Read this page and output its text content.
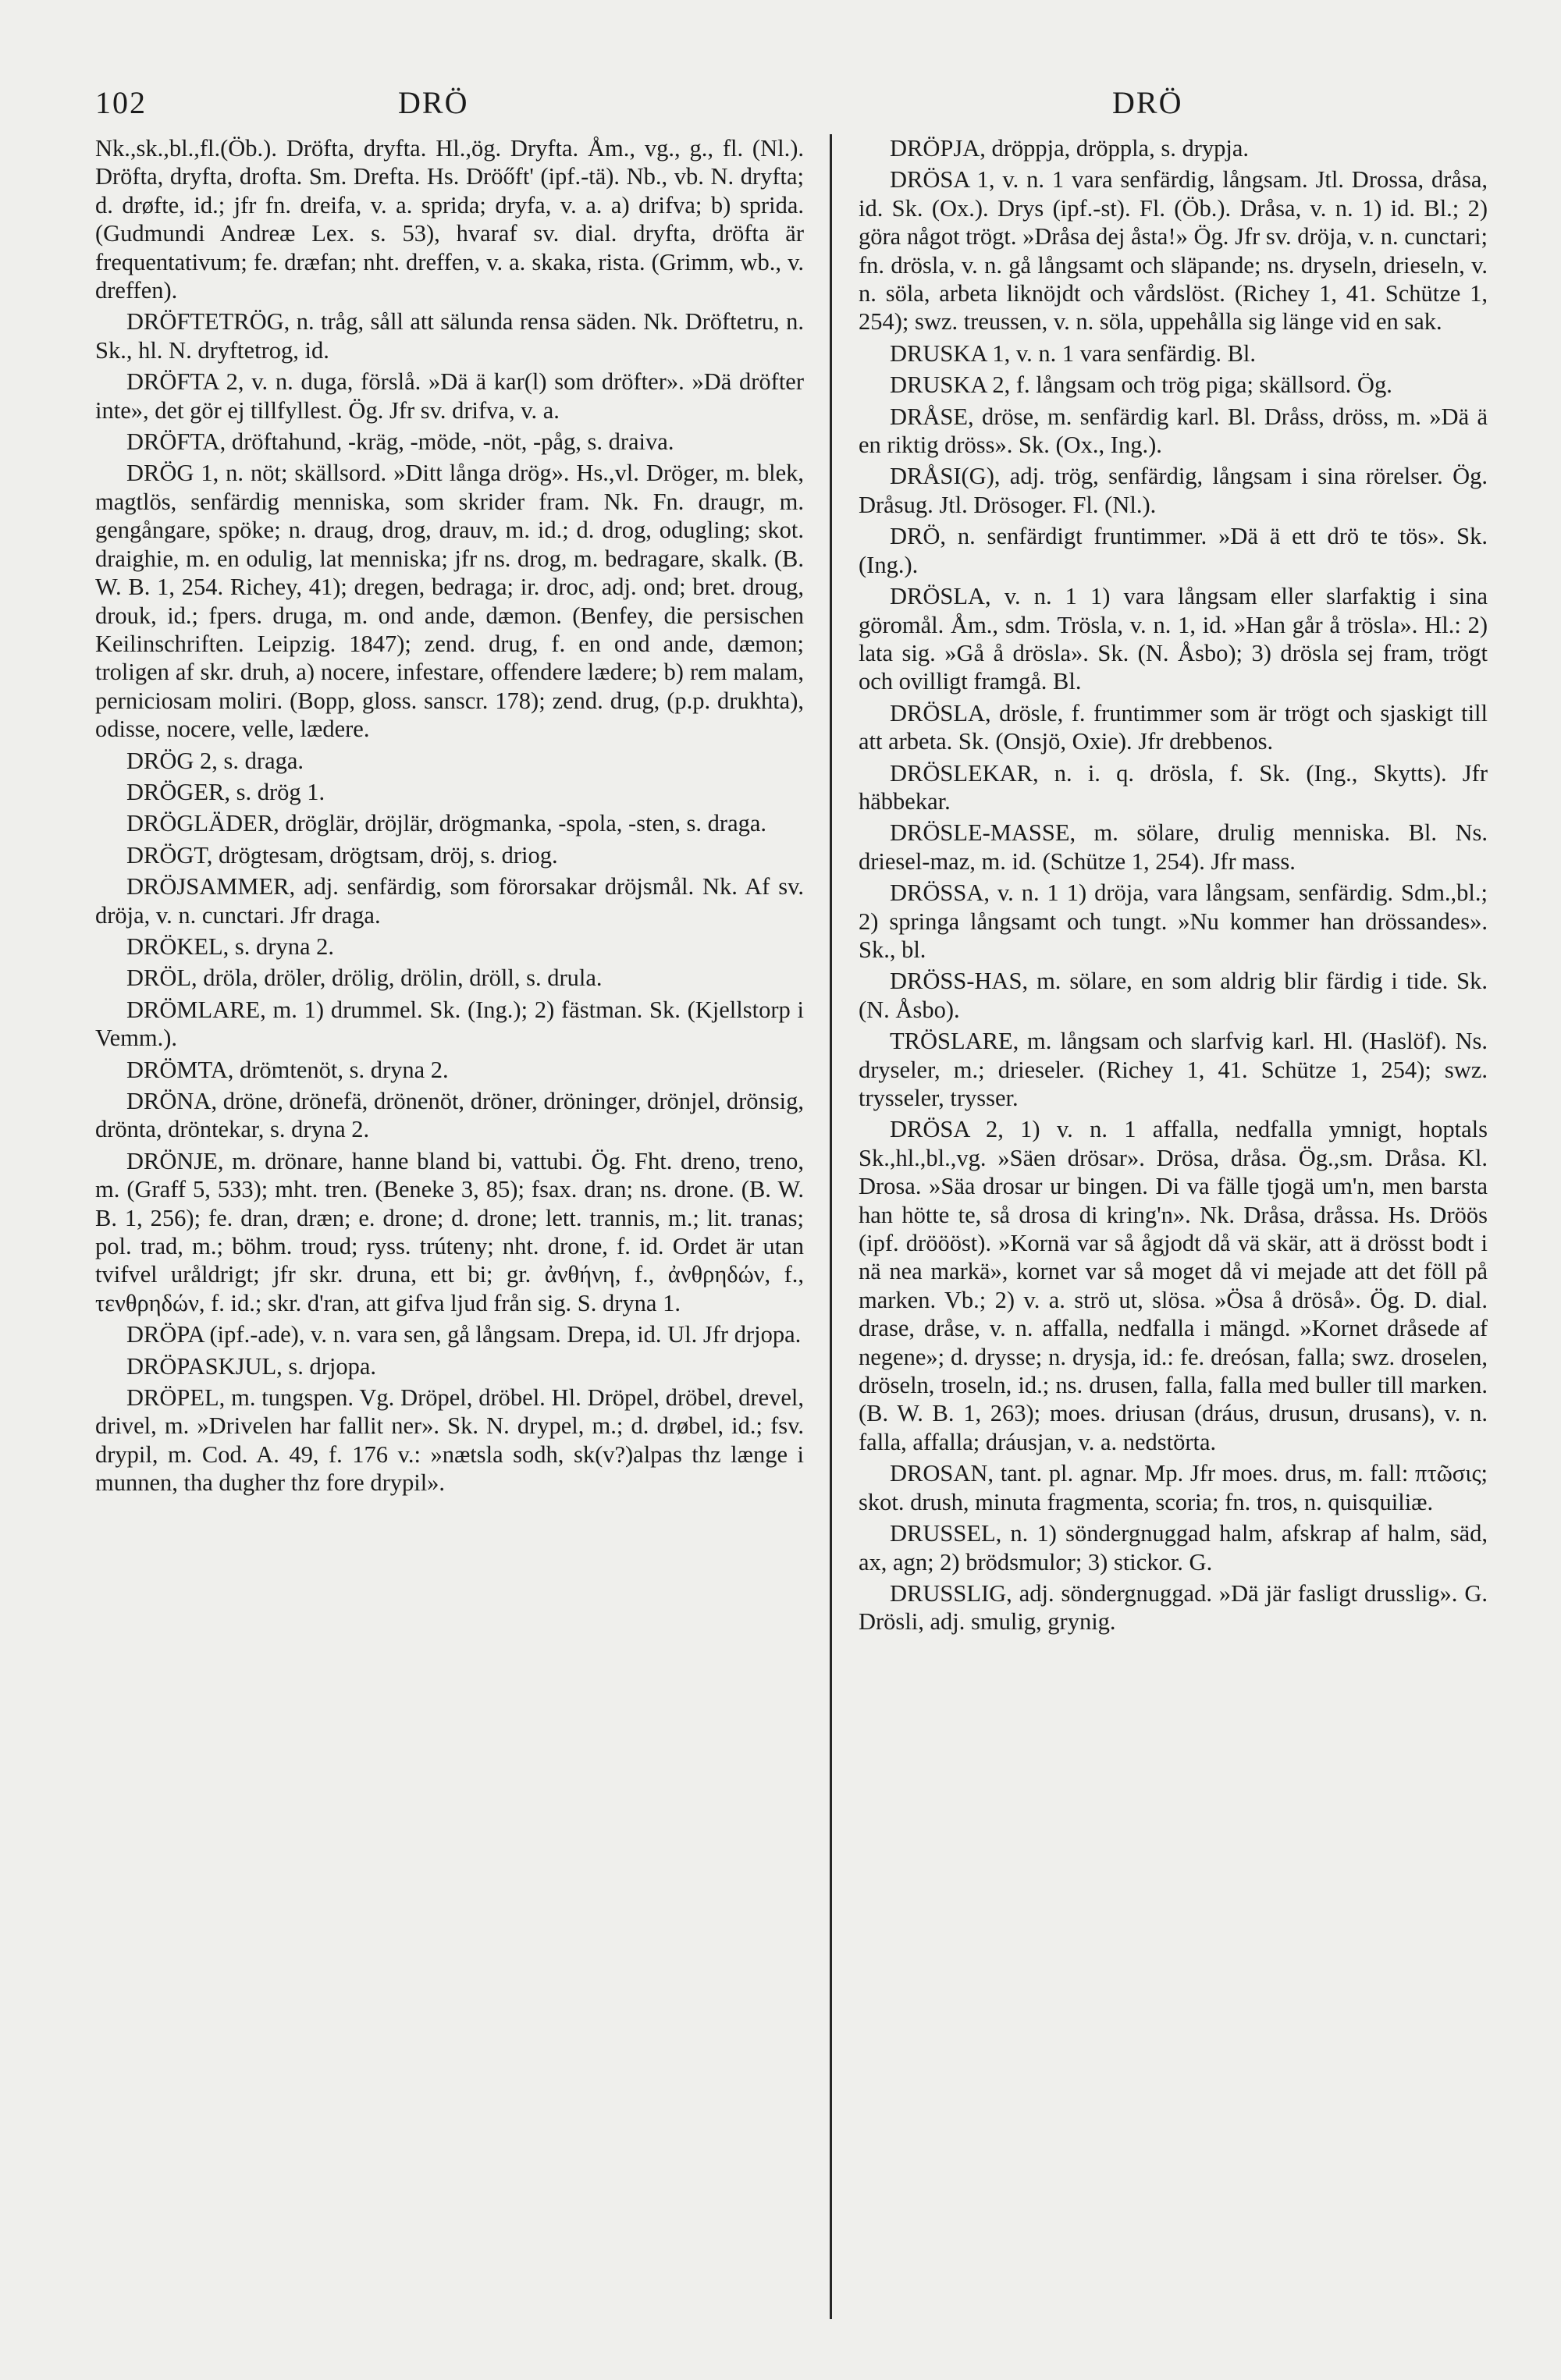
102	DRÖ	DRÖ

Nk.,sk.,bl.,fl.(Öb.). Dröfta, dryfta. Hl.,ög. Dryfta. Åm., vg., g., fl. (Nl.). Dröfta, dryfta, drofta. Sm. Drefta. Hs. Dröőft' (ipf.-tä). Nb., vb. N. dryfta; d. drøfte, id.; jfr fn. dreifa, v. a. sprida; dryfa, v. a. a) drifva; b) sprida. (Gudmundi Andreæ Lex. s. 53), hvaraf sv. dial. dryfta, dröfta är frequentativum; fe. dræfan; nht. dreffen, v. a. skaka, rista. (Grimm, wb., v. dreffen).

DRÖFTETRÖG, n. tråg, såll att sälunda rensa säden. Nk. Dröftetru, n. Sk., hl. N. dryftetrog, id.

DRÖFTA 2, v. n. duga, förslå. »Dä ä kar(l) som dröfter». »Dä dröfter inte», det gör ej tillfyllest. Ög. Jfr sv. drifva, v. a.

DRÖFTA, dröftahund, -kräg, -möde, -nöt, -påg, s. draiva.

DRÖG 1, n. nöt; skällsord. »Ditt långa drög». Hs.,vl. Dröger, m. blek, magtlös, senfärdig menniska, som skrider fram. Nk. Fn. draugr, m. gengångare, spöke; n. draug, drog, drauv, m. id.; d. drog, odugling; skot. draighie, m. en odulig, lat menniska; jfr ns. drog, m. bedragare, skalk. (B. W. B. 1, 254. Richey, 41); dregen, bedraga; ir. droc, adj. ond; bret. droug, drouk, id.; fpers. druga, m. ond ande, dæmon. (Benfey, die persischen Keilinschriften. Leipzig. 1847); zend. drug, f. en ond ande, dæmon; troligen af skr. druh, a) nocere, infestare, offendere lædere; b) rem malam, perniciosam moliri. (Bopp, gloss. sanscr. 178); zend. drug, (p.p. drukhta), odisse, nocere, velle, lædere.

DRÖG 2, s. draga.

DRÖGER, s. drög 1.

DRÖGLÄDER, dröglär, dröjlär, drögmanka, -spola, -sten, s. draga.

DRÖGT, drögtesam, drögtsam, dröj, s. driog.

DRÖJSAMMER, adj. senfärdig, som förorsakar dröjsmål. Nk. Af sv. dröja, v. n. cunctari. Jfr draga.

DRÖKEL, s. dryna 2.

DRÖL, dröla, dröler, drölig, drölin, dröll, s. drula.

DRÖMLARE, m. 1) drummel. Sk. (Ing.); 2) fästman. Sk. (Kjellstorp i Vemm.).

DRÖMTA, drömtenöt, s. dryna 2.

DRÖNA, dröne, drönefä, drönenöt, dröner, dröninger, drönjel, drönsig, drönta, dröntekar, s. dryna 2.

DRÖNJE, m. drönare, hanne bland bi, vattubi. Ög. Fht. dreno, treno, m. (Graff 5, 533); mht. tren. (Beneke 3, 85); fsax. dran; ns. drone. (B. W. B. 1, 256); fe. dran, dræn; e. drone; d. drone; lett. trannis, m.; lit. tranas; pol. trad, m.; böhm. troud; ryss. trúteny; nht. drone, f. id. Ordet är utan tvifvel uråldrigt; jfr skr. druna, ett bi; gr. ἀνθήνη, f., ἀνθρηδών, f., τενθρηδών, f. id.; skr. d'ran, att gifva ljud från sig. S. dryna 1.

DRÖPA (ipf.-ade), v. n. vara sen, gå långsam. Drepa, id. Ul. Jfr drjopa.

DRÖPASKJUL, s. drjopa.

DRÖPEL, m. tungspen. Vg. Dröpel, dröbel. Hl. Dröpel, dröbel, drevel, drivel, m. »Drivelen har fallit ner». Sk. N. drypel, m.; d. drøbel, id.; fsv. drypil, m. Cod. A. 49, f. 176 v.: »nætsla sodh, sk(v?)alpas thz længe i munnen, tha dugher thz fore drypil».

DRÖPJA, dröppja, dröppla, s. drypja.

DRÖSA 1, v. n. 1 vara senfärdig, långsam. Jtl. Drossa, dråsa, id. Sk. (Ox.). Drys (ipf.-st). Fl. (Öb.). Dråsa, v. n. 1) id. Bl.; 2) göra något trögt. »Dråsa dej åsta!» Ög. Jfr sv. dröja, v. n. cunctari; fn. drösla, v. n. gå långsamt och släpande; ns. dryseln, drieseln, v. n. söla, arbeta liknöjdt och vårdslöst. (Richey 1, 41. Schütze 1, 254); swz. treussen, v. n. söla, uppehålla sig länge vid en sak.

DRUSKA 1, v. n. 1 vara senfärdig. Bl.

DRUSKA 2, f. långsam och trög piga; skällsord. Ög.

DRÅSE, dröse, m. senfärdig karl. Bl. Dråss, dröss, m. »Dä ä en riktig dröss». Sk. (Ox., Ing.).

DRÅSI(G), adj. trög, senfärdig, långsam i sina rörelser. Ög. Dråsug. Jtl. Drösoger. Fl. (Nl.).

DRÖ, n. senfärdigt fruntimmer. »Dä ä ett drö te tös». Sk. (Ing.).

DRÖSLA, v. n. 1 1) vara långsam eller slarfaktig i sina göromål. Åm., sdm. Trösla, v. n. 1, id. »Han går å trösla». Hl.: 2) lata sig. »Gå å dröslа». Sk. (N. Åsbo); 3) drösla sej fram, trögt och ovilligt framgå. Bl.

DRÖSLA, drösle, f. fruntimmer som är trögt och sjaskigt till att arbeta. Sk. (Onsjö, Oxie). Jfr drebbenos.

DRÖSLEKAR, n. i. q. drösla, f. Sk. (Ing., Skytts). Jfr häbbekar.

DRÖSLE-MASSE, m. sölare, drulig menniska. Bl. Ns. driesel-maz, m. id. (Schütze 1, 254). Jfr mass.

DRÖSSA, v. n. 1 1) dröja, vara långsam, senfärdig. Sdm.,bl.; 2) springa långsamt och tungt. »Nu kommer han drössandes». Sk., bl.

DRÖSS-HAS, m. sölare, en som aldrig blir färdig i tide. Sk. (N. Åsbo).

TRÖSLARE, m. långsam och slarfvig karl. Hl. (Haslöf). Ns. dryseler, m.; drieseler. (Richey 1, 41. Schütze 1, 254); swz. trysseler, trysser.

DRÖSA 2, 1) v. n. 1 affalla, nedfalla ymnigt, hoptals Sk.,hl.,bl.,vg. »Säen drösar». Drösa, dråsa. Ög.,sm. Dråsa. Kl. Drosa. »Säa drosar ur bingen. Di va fälle tjogä um'n, men barsta han hötte te, så drosa di kring'n». Nk. Dråsa, dråssa. Hs. Dröös (ipf. dröööst). »Kornä var så ågjodt då vä skär, att ä drösst bodt i nä nea markä», kornet var så moget då vi mejade att det föll på marken. Vb.; 2) v. a. strö ut, slösa. »Ösa å dröså». Ög. D. dial. drase, dråse, v. n. affalla, nedfalla i mängd. »Kornet dråsede af negene»; d. drysse; n. drysja, id.: fe. dreósan, falla; swz. droselen, dröseln, troseln, id.; ns. drusen, falla, falla med buller till marken. (B. W. B. 1, 263); moes. driusan (dráus, drusun, drusans), v. n. falla, affalla; dráusjan, v. a. nedstörta.

DROSAN, tant. pl. agnar. Mp. Jfr moes. drus, m. fall: πτῶσις; skot. drush, minuta fragmenta, scoria; fn. tros, n. quisquiliæ.

DRUSSEL, n. 1) söndergnuggad halm, afskrap af halm, säd, ax, agn; 2) brödsmulor; 3) stickor. G.

DRUSSLIG, adj. söndergnuggad. »Dä jär fasligt drusslig». G. Drösli, adj. smulig, grynig.
